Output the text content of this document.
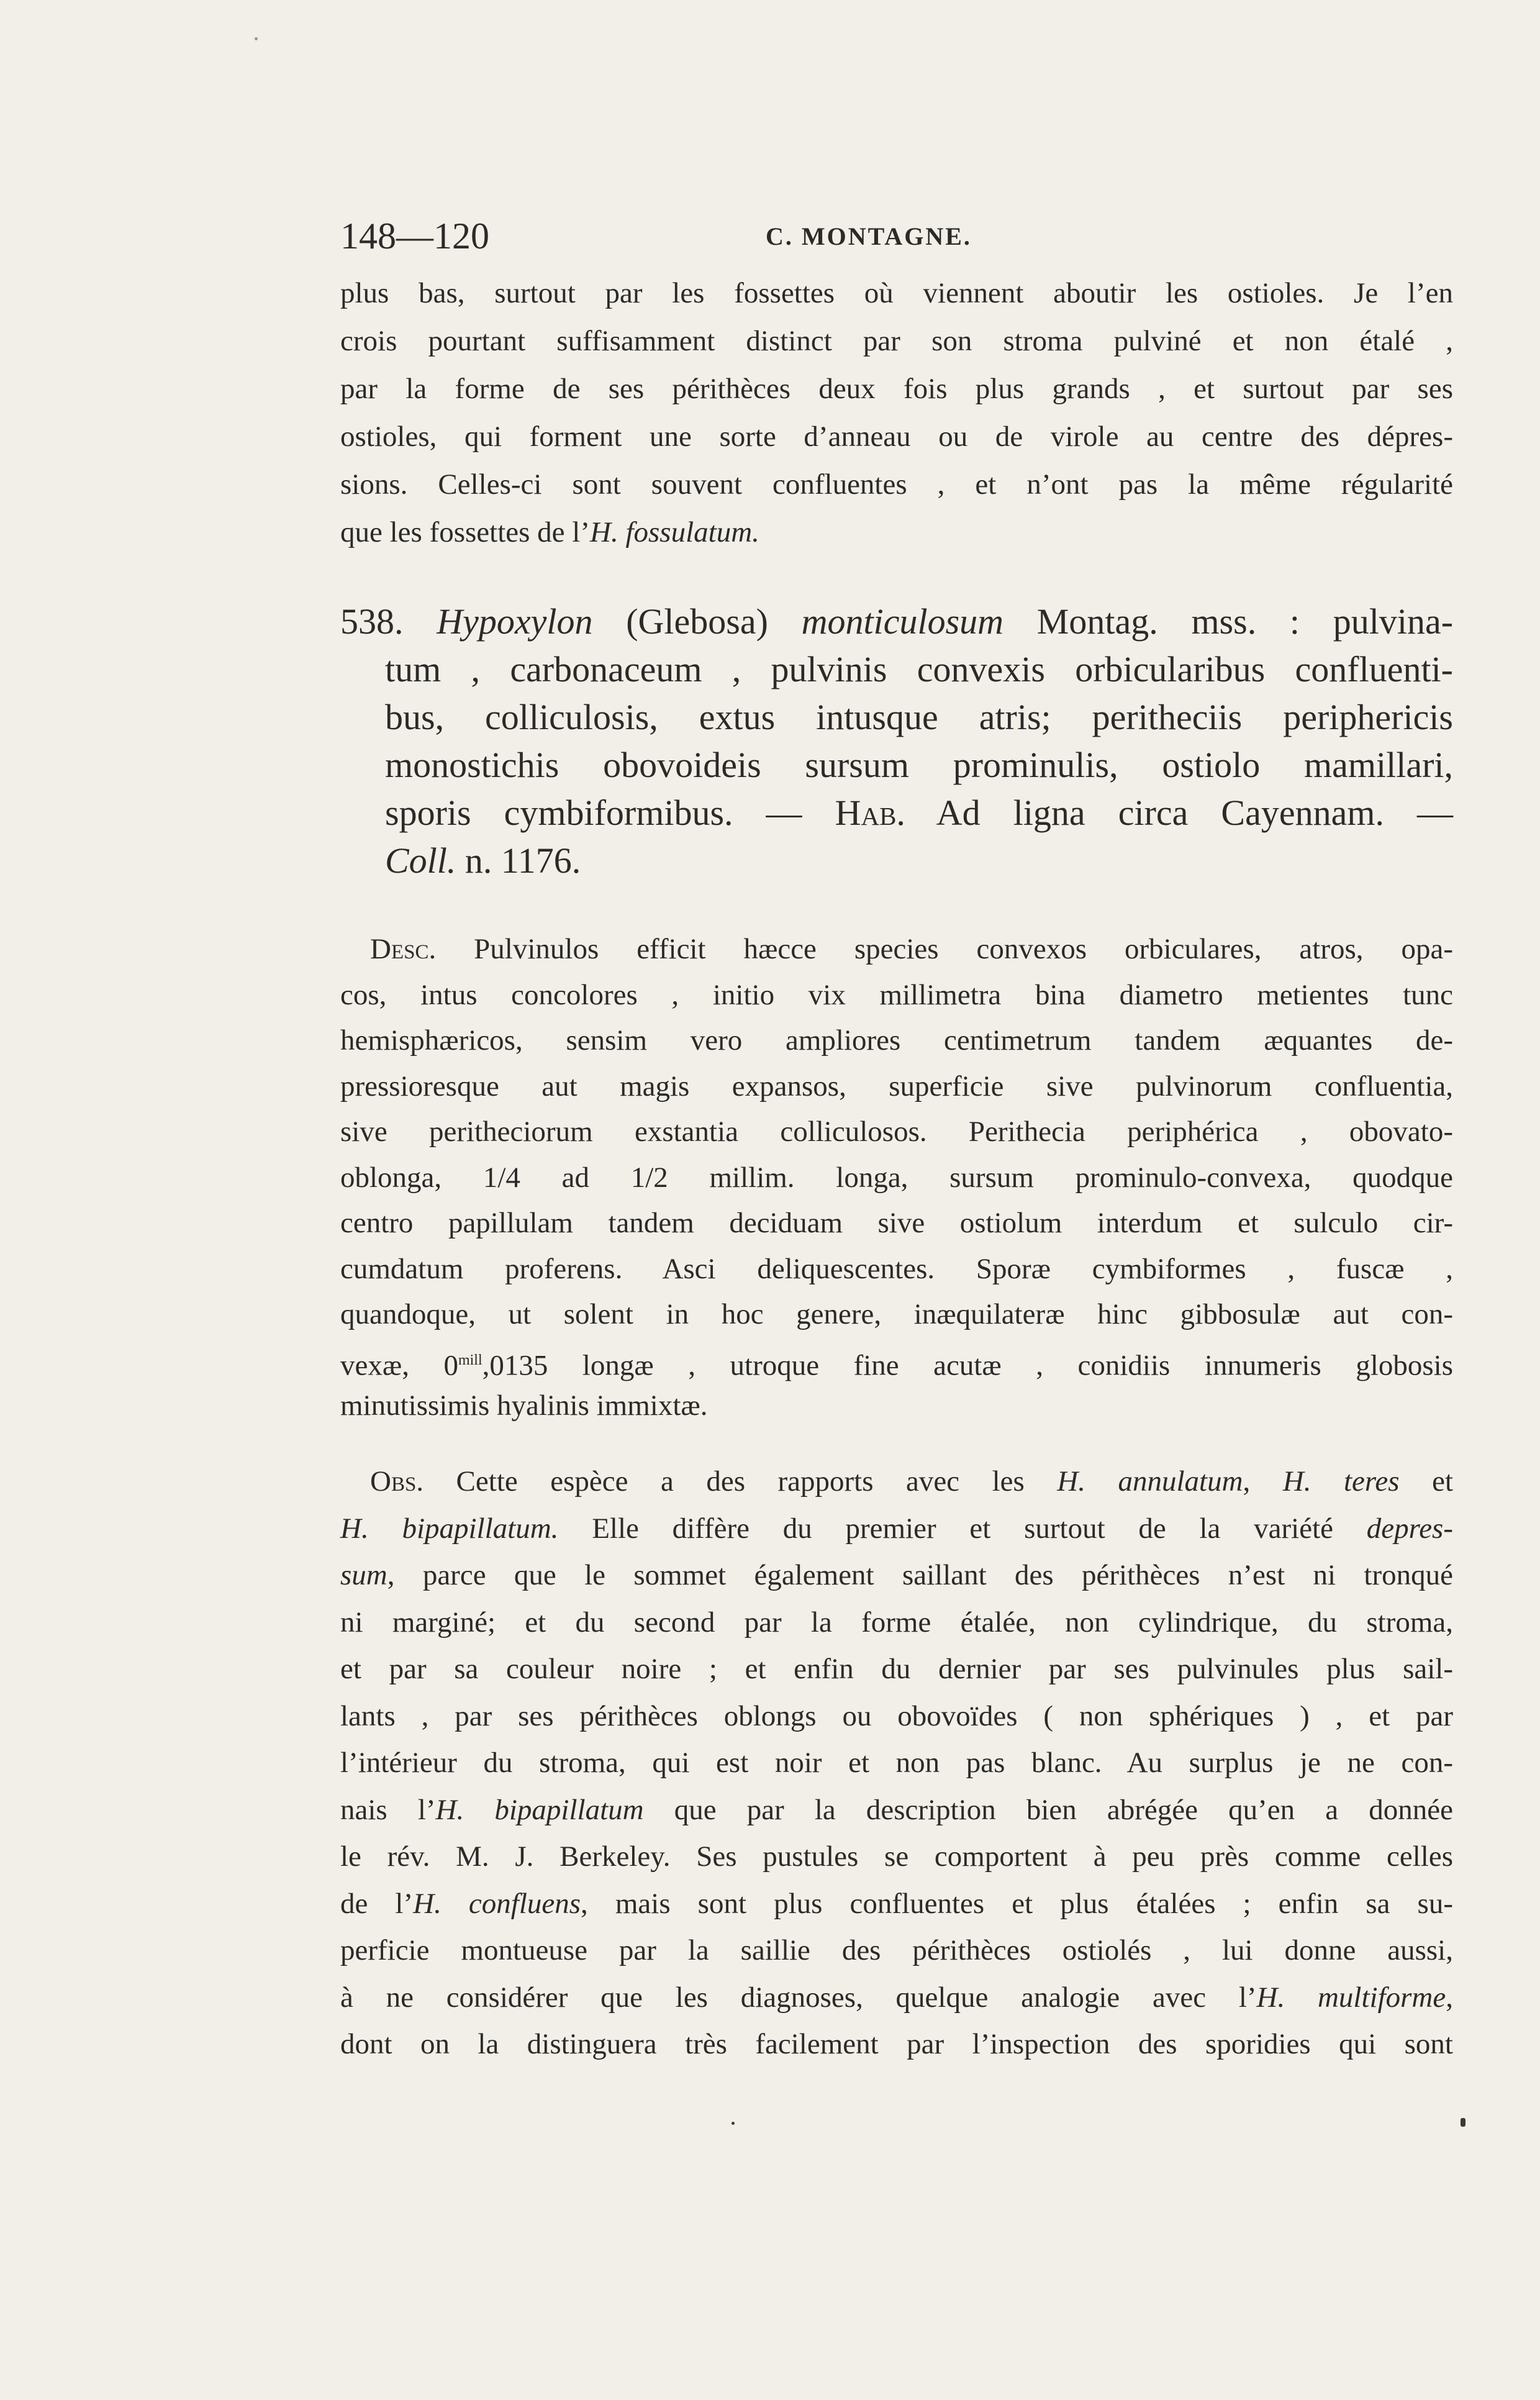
148—120	C. MONTAGNE.
plus bas, surtout par les fossettes où viennent aboutir les ostioles. Je l’en
crois pourtant suffisamment distinct par son stroma pulviné et non étalé ,
par la forme de ses périthèces deux fois plus grands , et surtout par ses
ostioles, qui forment une sorte d’anneau ou de virole au centre des dépres-
sions. Celles-ci sont souvent confluentes , et n’ont pas la même régularité
que les fossettes de l’H. fossulatum.
538. Hypoxylon (Glebosa) monticulosum Montag. mss. : pulvina-
tum , carbonaceum , pulvinis convexis orbicularibus confluenti-
bus, colliculosis, extus intusque atris; peritheciis periphericis
monostichis obovoideis sursum prominulis, ostiolo mamillari,
sporis cymbiformibus. — Hab. Ad ligna circa Cayennam. —
Coll. n. 1176.
Desc. Pulvinulos efficit hæcce species convexos orbiculares, atros, opa-
cos, intus concolores , initio vix millimetra bina diametro metientes tunc
hemisphæricos, sensim vero ampliores centimetrum tandem æquantes de-
pressioresque aut magis expansos, superficie sive pulvinorum confluentia,
sive peritheciorum exstantia colliculosos. Perithecia periphérica , obovato-
oblonga, 1/4 ad 1/2 millim. longa, sursum prominulo-convexa, quodque
centro papillulam tandem deciduam sive ostiolum interdum et sulculo cir-
cumdatum proferens. Asci deliquescentes. Sporæ cymbiformes , fuscæ ,
quandoque, ut solent in hoc genere, inæquilateræ hinc gibbosulæ aut con-
vexæ, $0^{mill},0135$ longæ , utroque fine acutæ , conidiis innumeris globosis
minutissimis hyalinis immixtæ.
Obs. Cette espèce a des rapports avec les H. annulatum, H. teres et
H. bipapillatum. Elle diffère du premier et surtout de la variété depres-
sum, parce que le sommet également saillant des périthèces n’est ni tronqué
ni marginé; et du second par la forme étalée, non cylindrique, du stroma,
et par sa couleur noire ; et enfin du dernier par ses pulvinules plus sail-
lants , par ses périthèces oblongs ou obovoïdes ( non sphériques ) , et par
l’intérieur du stroma, qui est noir et non pas blanc. Au surplus je ne con-
nais l’H. bipapillatum que par la description bien abrégée qu’en a donnée
le rév. M. J. Berkeley. Ses pustules se comportent à peu près comme celles
de l’H. confluens, mais sont plus confluentes et plus étalées ; enfin sa su-
perficie montueuse par la saillie des périthèces ostiolés , lui donne aussi,
à ne considérer que les diagnoses, quelque analogie avec l’H. multiforme,
dont on la distinguera très facilement par l’inspection des sporidies qui sont
